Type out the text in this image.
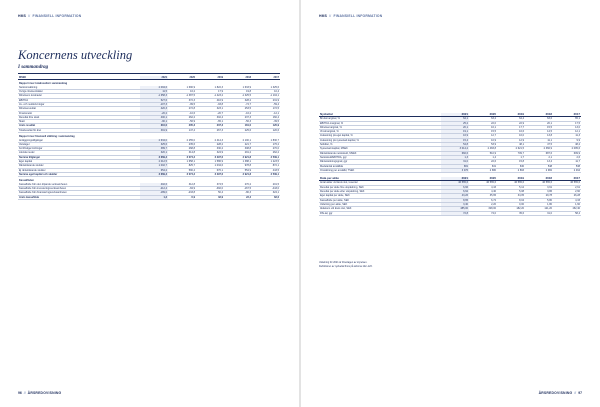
HMS // FINANSIELL INFORMATION
Koncernens utveckling
I sammandrag
MSEK	2021	2020	2019	2018	2017
Rapport över totalresultat i sammandrag					
Nettoomsättning	2 094,6	1 690,9	1 822,3	1 633,9	1 325,6
Övriga rörelseintäkter	11,5	16,2	17,9	19,8	10,4
Rörelsens kostnader	-1 658,3	-1 387,5	-1 423,2	-1 325,5	-1 104,1
EBITDA	527,6	372,3	416,9	328,2	231,9
Av- och nedskrivningar	-107,3	-99,5	-93,8	-74,7	-59,4
Rörelseresultat	420,3	272,8	323,1	253,5	172,5
Finansnetto	-20,2	-10,6	-20,7	-16,2	-12,1
Resultat före skatt	400,1	262,2	302,4	237,3	160,4
Skatt	-90,1	-56,9	-65,1	-56,3	-39,5
Årets resultat	310,0	205,3	237,3	181,0	120,9
Totalresultat för året	391,9	147,4	267,3	225,6	120,6
Rapport över finansiell ställning i sammandrag					
Anläggningstillgångar	2 634,0	2 255,0	2 414,3	2 100,1	1 830,7
Varulager	325,6	235,6	228,2	221,7	176,2
Kortfristiga fordringar	389,7	268,8	330,2	308,8	270,0
Likvida medel	320,1	314,8	324,9	291,2	262,2
Summa tillgångar	3 669,4	3 074,2	3 297,6	2 921,8	2 539,1
Eget kapital	2 012,5	1 658,1	1 586,9	1 388,1	1 223,5
Räntebärande skulder	1 002,7	825,7	1 034,6	978,8	872,1
Ej räntebärande skulder	654,2	590,4	676,1	554,9	443,5
Summa eget kapital och skulder	3 669,4	3 074,2	3 297,6	2 921,8	2 539,1
Kassaflöden					
Kassaflöde från den löpande verksamheten	402,6	312,8	374,5	270,2	201,5
Kassaflöde från investeringsverksamheten	-212,4	-84,9	-392,0	-167,5	-443,0
Kassaflöde från finansieringsverksamheten	-189,0	-233,8	50,4	-80,3	324,1
Årets kassaflöde	1,2	-5,9	32,9	22,4	82,6
96 // ÅRSREDOVISNING
HMS // FINANSIELL INFORMATION
ÅRSREDOVISNING // 97
Nyckeltal	2021	2020	2019	2018	2017
Bruttomarginal, %	64,1	63,2	64,4	63,6	65,1
EBITDA-marginal, %	25,2	22,0	22,9	20,1	17,5
Rörelsemarginal, %	20,1	16,1	17,7	15,5	13,0
Vinstmarginal, %	19,1	15,5	16,6	14,5	12,1
Avkastning på eget kapital, %	16,9	12,7	16,0	13,8	11,3
Avkastning på sysselsatt kapital, %	15,4	10,9	12,9	11,1	9,9
Soliditet, %	54,8	53,9	48,1	47,5	48,2
Sysselsatt kapital, MSEK	3 014,2	2 483,8	2 621,5	2 366,9	2 095,6
Räntebärande nettoskuld, MSEK	682,6	510,9	709,7	687,6	609,9
Nettoskuld/EBITDA, ggr	1,3	1,4	1,7	2,1	2,6
Räntetäckningsgrad, ggr	31,0	22,6	15,8	13,4	11,7
Medelantal anställda	681	631	630	548	538
Omsättning per anställd, TSEK	3 076	2 680	2 893	2 982	2 464

Data per aktie	2021	2020	2019	2018	2017
Antal aktier vid årets slut, tusental	46 565,6	46 565,6	46 565,6	46 565,6	46 565,6
Resultat per aktie före utspädning, SEK	6,66	4,43	5,12	3,91	2,61
Resultat per aktie efter utspädning, SEK	6,62	4,40	5,08	3,86	2,60
Eget kapital per aktie, SEK	43,26	35,65	34,05	29,78	26,28
Kassaflöde per aktie, SEK	8,65	6,72	8,04	5,80	4,33
Utdelning per aktie, SEK	3,40	2,20	0,00	1,80	1,60
Aktiekurs vid årets slut, SEK	485,00	328,00	182,20	121,20	152,40
P/E-tal, ggr	72,8	74,0	35,6	31,0	58,4
Utdelning för 2021 är föreslagen av styrelsen.
Definitioner av nyckeltal finns på sidorna 122–123.
